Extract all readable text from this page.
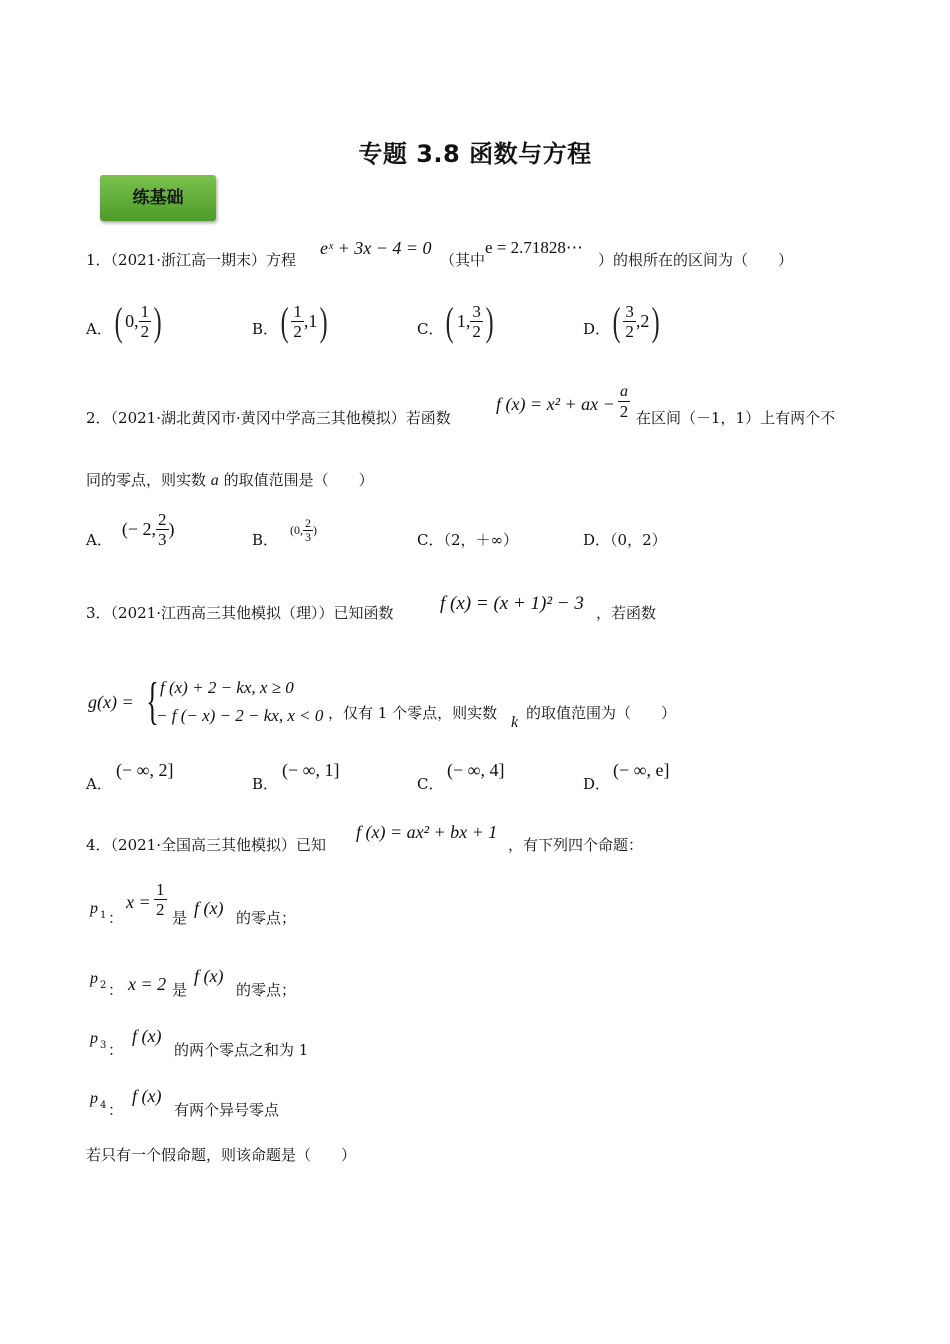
专题 3.8 函数与方程
练基础
1．（2021·浙江高一期末）方程
eˣ + 3x − 4 = 0
（其中
e = 2.71828⋯
）的根所在的区间为（　　）
A． ( 0 , $\frac{1}{2}$ )	B． ( $\frac{1}{2}$ , 1 )	C． ( 1 , $\frac{3}{2}$ )	D． ( $\frac{3}{2}$ , 2 )
2．（2021·湖北黄冈市·黄冈中学高三其他模拟）若函数
f (x) = x² + ax − $\frac{a}{2}$ 在区间（－1，1）上有两个不
同的零点，则实数 a 的取值范围是（　　）
A．
(− 2, $\frac{2}{3}$ )
B．
(0, $\frac{2}{3}$ )
C．（2，＋∞）	D．（0，2）
3．（2021·江西高三其他模拟（理））已知函数 f (x) = (x + 1)² − 3 ，若函数
g(x) = { f (x) + 2 − kx, x ≥ 0
− f (− x) − 2 − kx, x < 0 ，仅有 1 个零点，则实数
k
的取值范围为（　　）
A．
(− ∞, 2]
B．
(− ∞, 1]
C．
(− ∞, 4]
D．
(− ∞, e]
4．（2021·全国高三其他模拟）已知
f (x) = ax² + bx + 1
，有下列四个命题：
p 1 ：
$x = \frac{1}{2}$ 是 f (x) 的零点；
p 2 ： x = 2 是
f (x)
的零点；
p 3 ：
f (x)
的两个零点之和为 1
p 4 ：
f (x)
有两个异号零点
若只有一个假命题，则该命题是（　　）
